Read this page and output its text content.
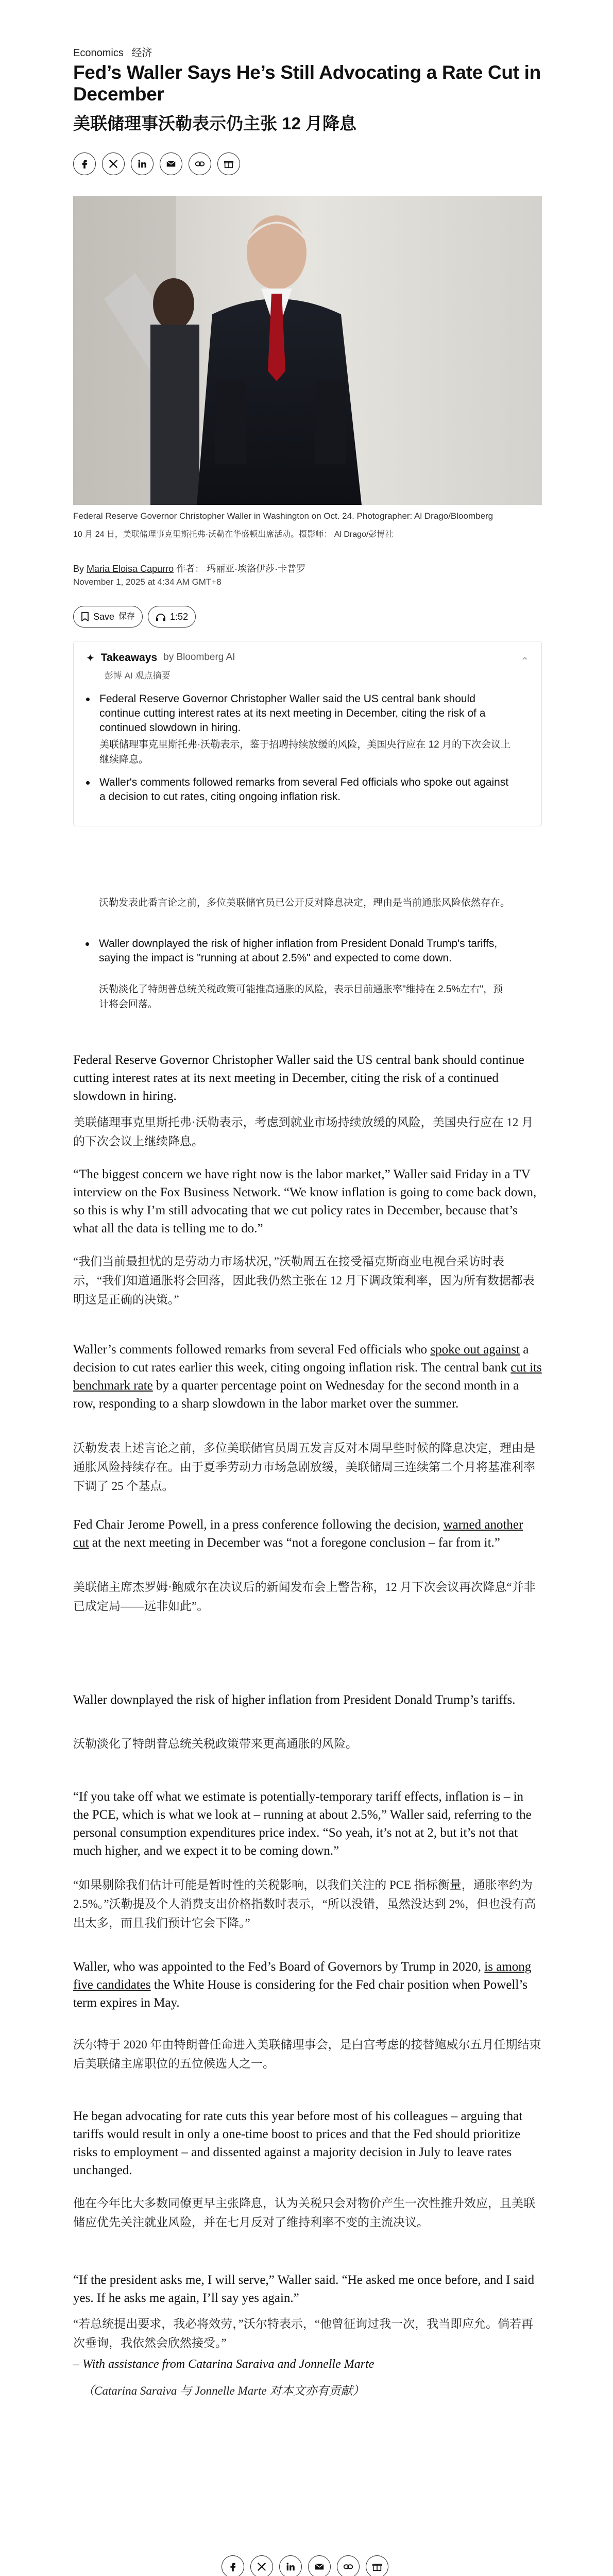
Economics 经济
Fed’s Waller Says He’s Still Advocating a Rate Cut in December
美联储理事沃勒表示仍主张 12 月降息
Federal Reserve Governor Christopher Waller in Washington on Oct. 24. Photographer: Al Drago/Bloomberg
10 月 24 日，美联储理事克里斯托弗·沃勒在华盛顿出席活动。摄影师： Al Drago/彭博社
By Maria Eloisa Capurro 作者： 玛丽亚·埃洛伊莎·卡普罗
November 1, 2025 at 4:34 AM GMT+8
Save 保存	1:52
✦ Takeaways by Bloomberg AI
彭博 AI 观点摘要
⌃
Federal Reserve Governor Christopher Waller said the US central bank should continue cutting interest rates at its next meeting in December, citing the risk of a continued slowdown in hiring.
美联储理事克里斯托弗·沃勒表示，鉴于招聘持续放缓的风险，美国央行应在 12 月的下次会议上继续降息。
Waller's comments followed remarks from several Fed officials who spoke out against a decision to cut rates, citing ongoing inflation risk.
沃勒发表此番言论之前，多位美联储官员已公开反对降息决定，理由是当前通胀风险依然存在。
Waller downplayed the risk of higher inflation from President Donald Trump's tariffs, saying the impact is "running at about 2.5%" and expected to come down.
沃勒淡化了特朗普总统关税政策可能推高通胀的风险，表示目前通胀率"维持在 2.5%左右"，预计将会回落。
Federal Reserve Governor Christopher Waller said the US central bank should continue cutting interest rates at its next meeting in December, citing the risk of a continued slowdown in hiring.
美联储理事克里斯托弗·沃勒表示，考虑到就业市场持续放缓的风险，美国央行应在 12 月的下次会议上继续降息。
“The biggest concern we have right now is the labor market,” Waller said Friday in a TV interview on the Fox Business Network. “We know inflation is going to come back down, so this is why I’m still advocating that we cut policy rates in December, because that’s what all the data is telling me to do.”
“我们当前最担忧的是劳动力市场状况，”沃勒周五在接受福克斯商业电视台采访时表示，“我们知道通胀将会回落，因此我仍然主张在 12 月下调政策利率，因为所有数据都表明这是正确的决策。”
Waller’s comments followed remarks from several Fed officials who spoke out against a decision to cut rates earlier this week, citing ongoing inflation risk. The central bank cut its benchmark rate by a quarter percentage point on Wednesday for the second month in a row, responding to a sharp slowdown in the labor market over the summer.
沃勒发表上述言论之前，多位美联储官员周五发言反对本周早些时候的降息决定，理由是通胀风险持续存在。由于夏季劳动力市场急剧放缓，美联储周三连续第二个月将基准利率下调了 25 个基点。
Fed Chair Jerome Powell, in a press conference following the decision, warned another cut at the next meeting in December was “not a foregone conclusion – far from it.”
美联储主席杰罗姆·鲍威尔在决议后的新闻发布会上警告称，12 月下次会议再次降息“并非已成定局——远非如此”。
Waller downplayed the risk of higher inflation from President Donald Trump’s tariffs.
沃勒淡化了特朗普总统关税政策带来更高通胀的风险。
“If you take off what we estimate is potentially-temporary tariff effects, inflation is – in the PCE, which is what we look at – running at about 2.5%,” Waller said, referring to the personal consumption expenditures price index. “So yeah, it’s not at 2, but it’s not that much higher, and we expect it to be coming down.”
“如果剔除我们估计可能是暂时性的关税影响，以我们关注的 PCE 指标衡量，通胀率约为 2.5%。”沃勒提及个人消费支出价格指数时表示，“所以没错，虽然没达到 2%，但也没有高出太多，而且我们预计它会下降。”
Waller, who was appointed to the Fed’s Board of Governors by Trump in 2020, is among five candidates the White House is considering for the Fed chair position when Powell’s term expires in May.
沃尔特于 2020 年由特朗普任命进入美联储理事会，是白宫考虑的接替鲍威尔五月任期结束后美联储主席职位的五位候选人之一。
He began advocating for rate cuts this year before most of his colleagues – arguing that tariffs would result in only a one-time boost to prices and that the Fed should prioritize risks to employment – and dissented against a majority decision in July to leave rates unchanged.
他在今年比大多数同僚更早主张降息，认为关税只会对物价产生一次性推升效应，且美联储应优先关注就业风险，并在七月反对了维持利率不变的主流决议。
“If the president asks me, I will serve,” Waller said. “He asked me once before, and I said yes. If he asks me again, I’ll say yes again.”
“若总统提出要求，我必将效劳，”沃尔特表示，“他曾征询过我一次，我当即应允。倘若再次垂询，我依然会欣然接受。”
– With assistance from Catarina Saraiva and Jonnelle Marte
（Catarina Saraiva 与 Jonnelle Marte 对本文亦有贡献）
